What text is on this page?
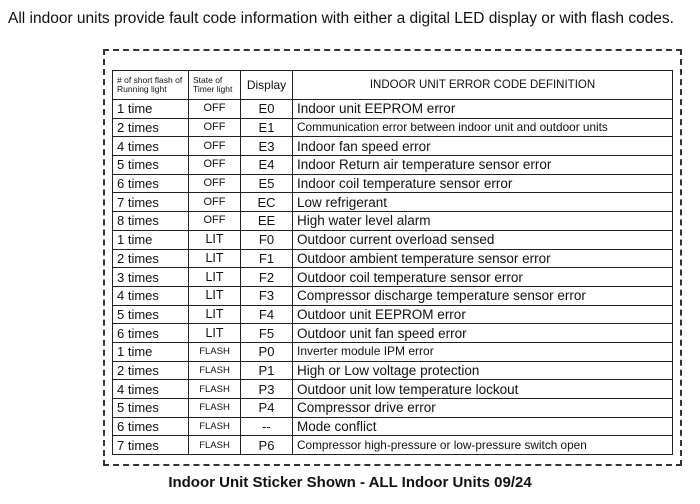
All indoor units provide fault code information with either a digital LED display or with flash codes.
# of short flash of Running light	State of Timer light	Display	INDOOR UNIT ERROR CODE DEFINITION
1 time	OFF	E0	Indoor unit EEPROM error
2 times	OFF	E1	Communication error between indoor unit and outdoor units
4 times	OFF	E3	Indoor fan speed error
5 times	OFF	E4	Indoor Return air temperature sensor error
6 times	OFF	E5	Indoor coil temperature sensor error
7 times	OFF	EC	Low refrigerant
8 times	OFF	EE	High water level alarm
1 time	LIT	F0	Outdoor current overload sensed
2 times	LIT	F1	Outdoor ambient temperature sensor error
3 times	LIT	F2	Outdoor coil temperature sensor error
4 times	LIT	F3	Compressor discharge temperature sensor error
5 times	LIT	F4	Outdoor unit EEPROM error
6 times	LIT	F5	Outdoor unit fan speed error
1 time	FLASH	P0	Inverter module IPM error
2 times	FLASH	P1	High or Low voltage protection
4 times	FLASH	P3	Outdoor unit low temperature lockout
5 times	FLASH	P4	Compressor drive error
6 times	FLASH	--	Mode conflict
7 times	FLASH	P6	Compressor high-pressure or low-pressure switch open
Indoor Unit Sticker Shown - ALL Indoor Units 09/24
